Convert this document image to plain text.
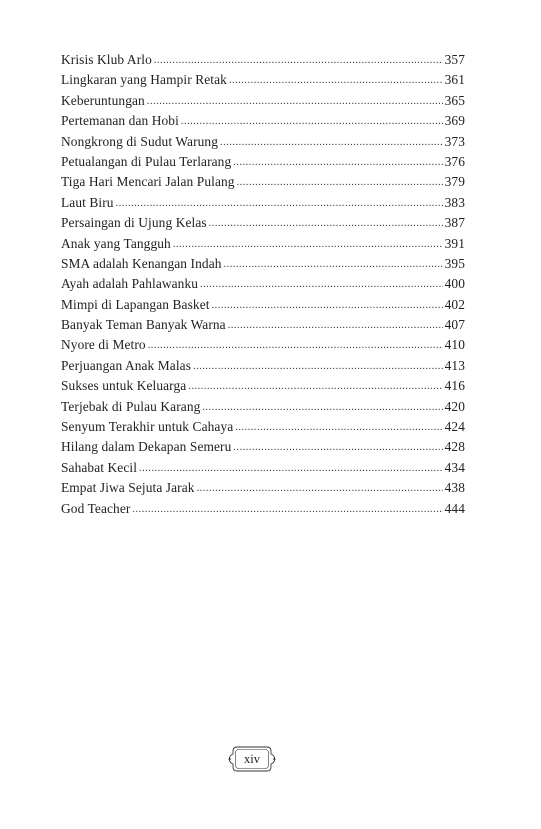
Krisis Klub Arlo .....	357
Lingkaran yang Hampir Retak .....	361
Keberuntungan .....	365
Pertemanan dan Hobi .....	369
Nongkrong di Sudut Warung .....	373
Petualangan di Pulau Terlarang .....	376
Tiga Hari Mencari Jalan Pulang .....	379
Laut Biru .....	383
Persaingan di Ujung Kelas .....	387
Anak yang Tangguh .....	391
SMA adalah Kenangan Indah .....	395
Ayah adalah Pahlawanku .....	400
Mimpi di Lapangan Basket .....	402
Banyak Teman Banyak Warna .....	407
Nyore di Metro .....	410
Perjuangan Anak Malas .....	413
Sukses untuk Keluarga .....	416
Terjebak di Pulau Karang .....	420
Senyum Terakhir untuk Cahaya .....	424
Hilang dalam Dekapan Semeru .....	428
Sahabat Kecil .....	434
Empat Jiwa Sejuta Jarak .....	438
God Teacher .....	444
xiv
